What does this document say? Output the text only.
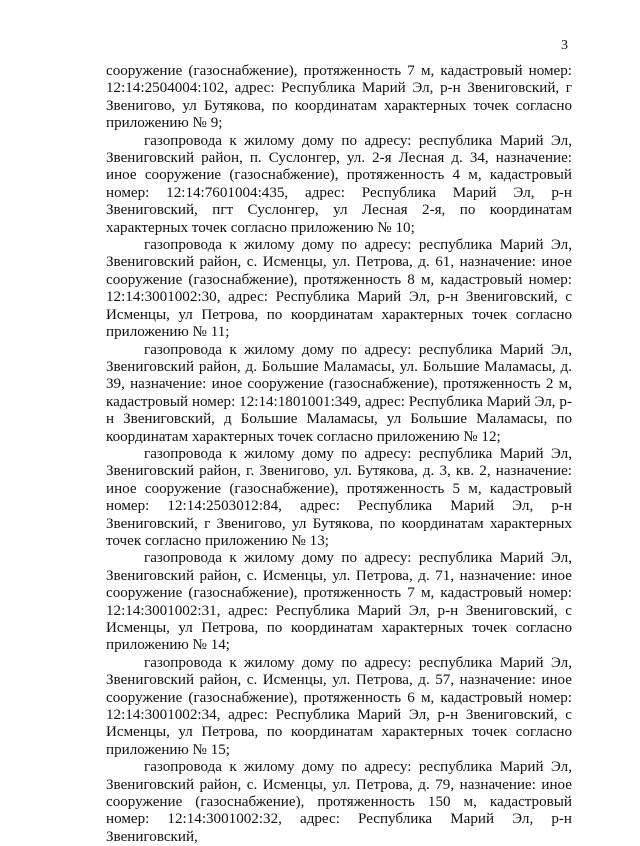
3

сооружение (газоснабжение), протяженность 7 м, кадастровый номер: 12:14:2504004:102, адрес: Республика Марий Эл, р-н Звениговский, г Звенигово, ул Бутякова, по координатам характерных точек согласно приложению № 9;

газопровода к жилому дому по адресу: республика Марий Эл, Звениговский район, п. Суслонгер, ул. 2-я Лесная д. 34, назначение: иное сооружение (газоснабжение), протяженность 4 м, кадастровый номер: 12:14:7601004:435, адрес: Республика Марий Эл, р-н Звениговский, пгт Суслонгер, ул Лесная 2-я, по координатам характерных точек согласно приложению № 10;

газопровода к жилому дому по адресу: республика Марий Эл, Звениговский район, с. Исменцы, ул. Петрова, д. 61, назначение: иное сооружение (газоснабжение), протяженность 8 м, кадастровый номер: 12:14:3001002:30, адрес: Республика Марий Эл, р-н Звениговский, с Исменцы, ул Петрова, по координатам характерных точек согласно приложению № 11;

газопровода к жилому дому по адресу: республика Марий Эл, Звениговский район, д. Большие Маламасы, ул. Большие Маламасы, д. 39, назначение: иное сооружение (газоснабжение), протяженность 2 м, кадастровый номер: 12:14:1801001:349, адрес: Республика Марий Эл, р-н Звениговский, д Большие Маламасы, ул Большие Маламасы, по координатам характерных точек согласно приложению № 12;

газопровода к жилому дому по адресу: республика Марий Эл, Звениговский район, г. Звенигово, ул. Бутякова, д. 3, кв. 2, назначение: иное сооружение (газоснабжение), протяженность 5 м, кадастровый номер: 12:14:2503012:84, адрес: Республика Марий Эл, р-н Звениговский, г Звенигово, ул Бутякова, по координатам характерных точек согласно приложению № 13;

газопровода к жилому дому по адресу: республика Марий Эл, Звениговский район, с. Исменцы, ул. Петрова, д. 71, назначение: иное сооружение (газоснабжение), протяженность 7 м, кадастровый номер: 12:14:3001002:31, адрес: Республика Марий Эл, р-н Звениговский, с Исменцы, ул Петрова, по координатам характерных точек согласно приложению № 14;

газопровода к жилому дому по адресу: республика Марий Эл, Звениговский район, с. Исменцы, ул. Петрова, д. 57, назначение: иное сооружение (газоснабжение), протяженность 6 м, кадастровый номер: 12:14:3001002:34, адрес: Республика Марий Эл, р-н Звениговский, с Исменцы, ул Петрова, по координатам характерных точек согласно приложению № 15;

газопровода к жилому дому по адресу: республика Марий Эл, Звениговский район, с. Исменцы, ул. Петрова, д. 79, назначение: иное сооружение (газоснабжение), протяженность 150 м, кадастровый номер: 12:14:3001002:32, адрес: Республика Марий Эл, р-н Звениговский,
